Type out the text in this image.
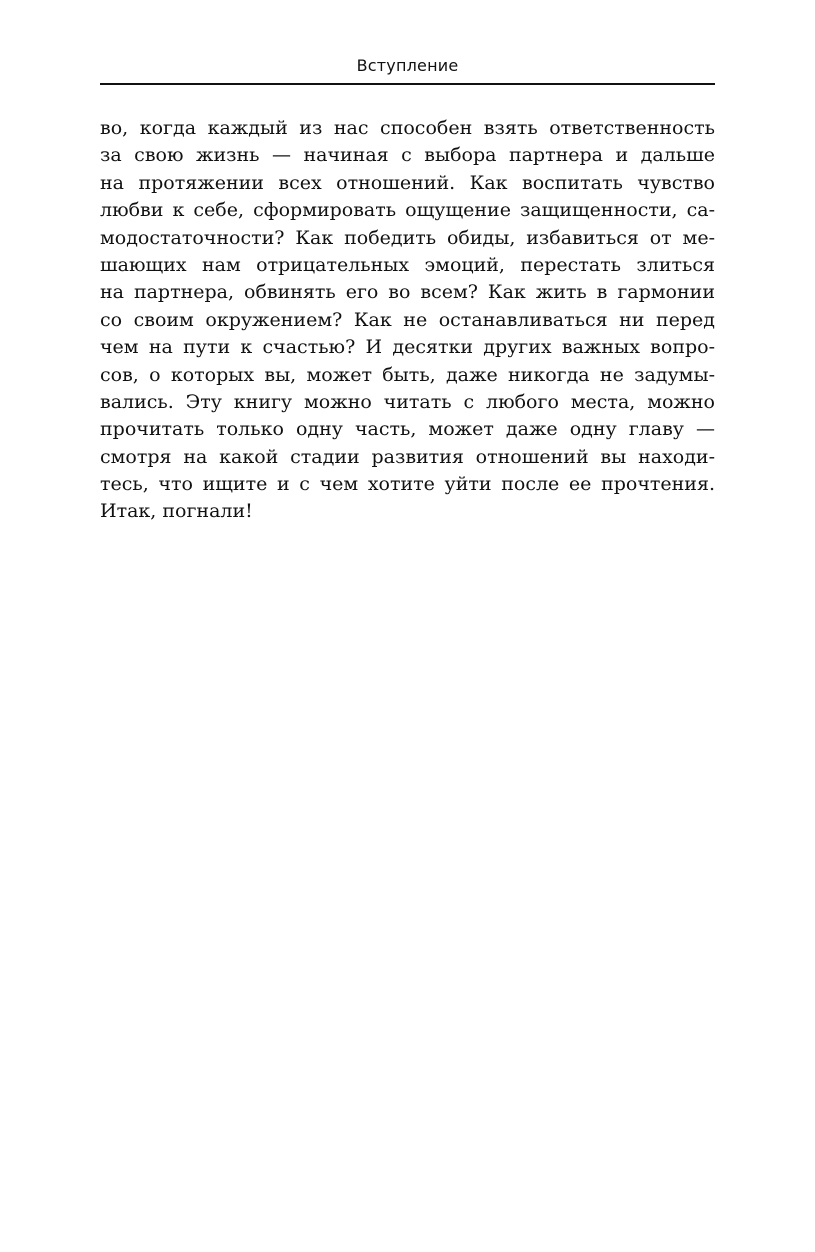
Вступление
во, когда каждый из нас способен взять ответственность
за свою жизнь — начиная с выбора партнера и дальше
на протяжении всех отношений. Как воспитать чувство
любви к себе, сформировать ощущение защищенности, са-
модостаточности? Как победить обиды, избавиться от ме-
шающих нам отрицательных эмоций, перестать злиться
на партнера, обвинять его во всем? Как жить в гармонии
со своим окружением? Как не останавливаться ни перед
чем на пути к счастью? И десятки других важных вопро-
сов, о которых вы, может быть, даже никогда не задумы-
вались. Эту книгу можно читать с любого места, можно
прочитать только одну часть, может даже одну главу —
смотря на какой стадии развития отношений вы находи-
тесь, что ищите и с чем хотите уйти после ее прочтения.
Итак, погнали!
